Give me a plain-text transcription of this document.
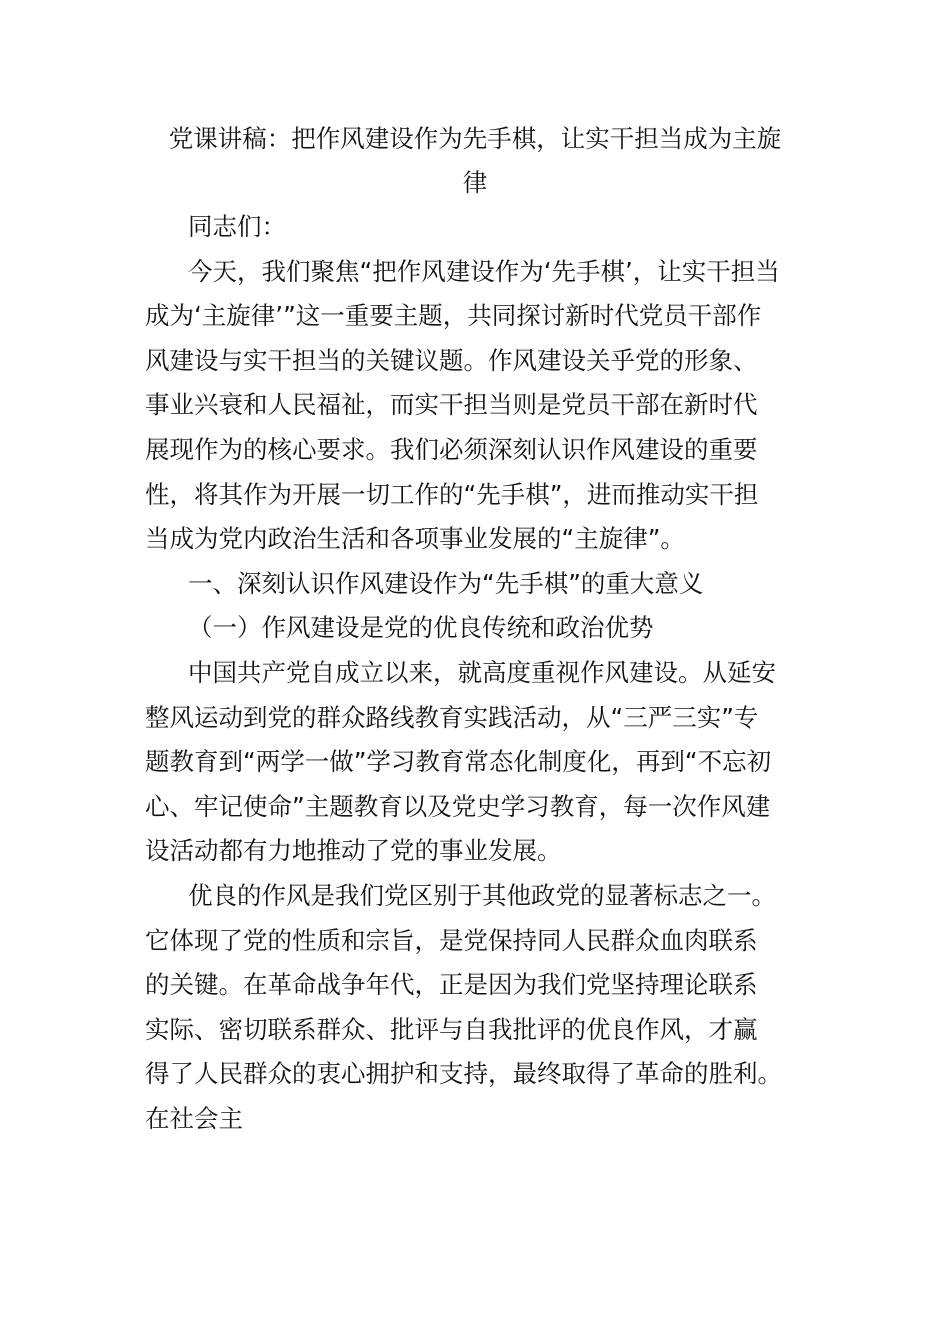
党课讲稿：把作风建设作为先手棋，让实干担当成为主旋
律
同志们：
今天，我们聚焦“把作风建设作为‘先手棋’，让实干担当
成为‘主旋律’”这一重要主题，共同探讨新时代党员干部作
风建设与实干担当的关键议题。作风建设关乎党的形象、
事业兴衰和人民福祉，而实干担当则是党员干部在新时代
展现作为的核心要求。我们必须深刻认识作风建设的重要
性，将其作为开展一切工作的“先手棋”，进而推动实干担
当成为党内政治生活和各项事业发展的“主旋律”。
一、深刻认识作风建设作为“先手棋”的重大意义
（一）作风建设是党的优良传统和政治优势
中国共产党自成立以来，就高度重视作风建设。从延安
整风运动到党的群众路线教育实践活动，从“三严三实”专
题教育到“两学一做”学习教育常态化制度化，再到“不忘初
心、牢记使命”主题教育以及党史学习教育，每一次作风建
设活动都有力地推动了党的事业发展。
优良的作风是我们党区别于其他政党的显著标志之一。
它体现了党的性质和宗旨，是党保持同人民群众血肉联系
的关键。在革命战争年代，正是因为我们党坚持理论联系
实际、密切联系群众、批评与自我批评的优良作风，才赢
得了人民群众的衷心拥护和支持，最终取得了革命的胜利。
在社会主
